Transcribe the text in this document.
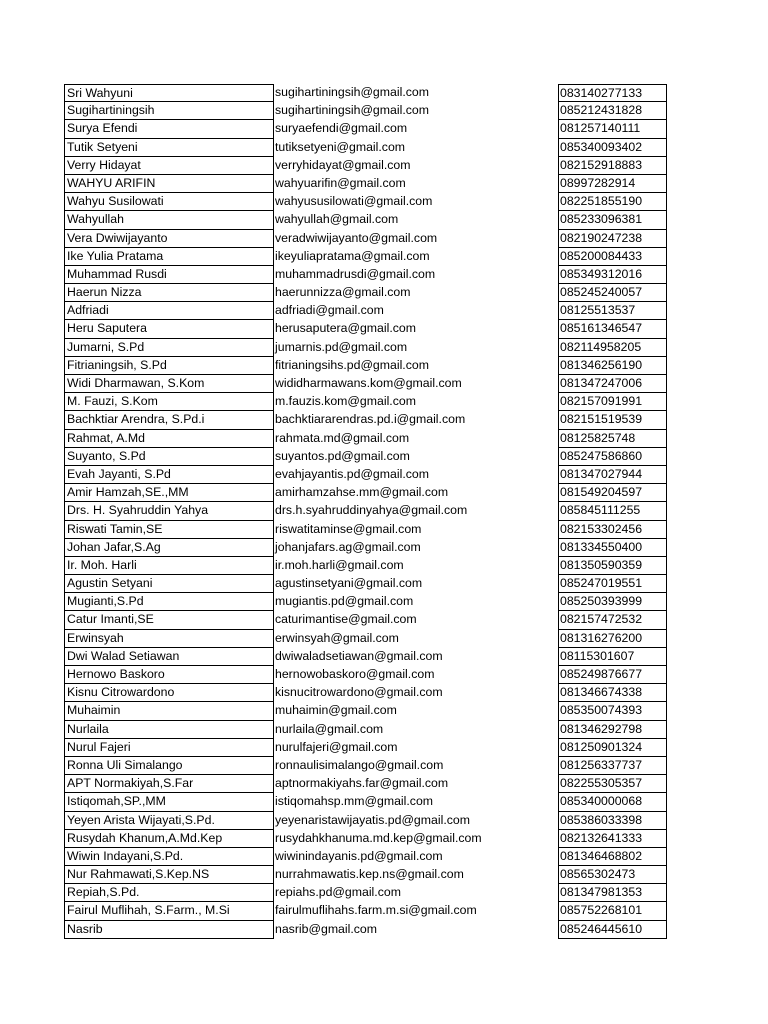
Sri Wahyuni	sugihartiningsih@gmail.com	083140277133
Sugihartiningsih	sugihartiningsih@gmail.com	085212431828
Surya Efendi	suryaefendi@gmail.com	081257140111
Tutik Setyeni	tutiksetyeni@gmail.com	085340093402
Verry Hidayat	verryhidayat@gmail.com	082152918883
WAHYU ARIFIN	wahyuarifin@gmail.com	08997282914
Wahyu Susilowati	wahyususilowati@gmail.com	082251855190
Wahyullah	wahyullah@gmail.com	085233096381
Vera Dwiwijayanto	veradwiwijayanto@gmail.com	082190247238
Ike Yulia Pratama	ikeyuliapratama@gmail.com	085200084433
Muhammad Rusdi	muhammadrusdi@gmail.com	085349312016
Haerun Nizza	haerunnizza@gmail.com	085245240057
Adfriadi	adfriadi@gmail.com	08125513537
Heru Saputera	herusaputera@gmail.com	085161346547
Jumarni, S.Pd	jumarnis.pd@gmail.com	082114958205
Fitrianingsih, S.Pd	fitrianingsihs.pd@gmail.com	081346256190
Widi Dharmawan, S.Kom	wididharmawans.kom@gmail.com	081347247006
M. Fauzi, S.Kom	m.fauzis.kom@gmail.com	082157091991
Bachktiar Arendra, S.Pd.i	bachktiararendras.pd.i@gmail.com	082151519539
Rahmat, A.Md	rahmata.md@gmail.com	08125825748
Suyanto, S.Pd	suyantos.pd@gmail.com	085247586860
Evah Jayanti, S.Pd	evahjayantis.pd@gmail.com	081347027944
Amir Hamzah,SE.,MM	amirhamzahse.mm@gmail.com	081549204597
Drs. H. Syahruddin Yahya	drs.h.syahruddinyahya@gmail.com	085845111255
Riswati Tamin,SE	riswatitaminse@gmail.com	082153302456
Johan Jafar,S.Ag	johanjafars.ag@gmail.com	081334550400
Ir. Moh. Harli	ir.moh.harli@gmail.com	081350590359
Agustin Setyani	agustinsetyani@gmail.com	085247019551
Mugianti,S.Pd	mugiantis.pd@gmail.com	085250393999
Catur Imanti,SE	caturimantise@gmail.com	082157472532
Erwinsyah	erwinsyah@gmail.com	081316276200
Dwi Walad Setiawan	dwiwaladsetiawan@gmail.com	08115301607
Hernowo Baskoro	hernowobaskoro@gmail.com	085249876677
Kisnu Citrowardono	kisnucitrowardono@gmail.com	081346674338
Muhaimin	muhaimin@gmail.com	085350074393
Nurlaila	nurlaila@gmail.com	081346292798
Nurul Fajeri	nurulfajeri@gmail.com	081250901324
Ronna Uli Simalango	ronnaulisimalango@gmail.com	081256337737
APT Normakiyah,S.Far	aptnormakiyahs.far@gmail.com	082255305357
Istiqomah,SP.,MM	istiqomahsp.mm@gmail.com	085340000068
Yeyen Arista Wijayati,S.Pd.	yeyenaristawijayatis.pd@gmail.com	085386033398
Rusydah Khanum,A.Md.Kep	rusydahkhanuma.md.kep@gmail.com	082132641333
Wiwin Indayani,S.Pd.	wiwinindayanis.pd@gmail.com	081346468802
Nur Rahmawati,S.Kep.NS	nurrahmawatis.kep.ns@gmail.com	08565302473
Repiah,S.Pd.	repiahs.pd@gmail.com	081347981353
Fairul Muflihah, S.Farm., M.Si	fairulmuflihahs.farm.m.si@gmail.com	085752268101
Nasrib	nasrib@gmail.com	085246445610
